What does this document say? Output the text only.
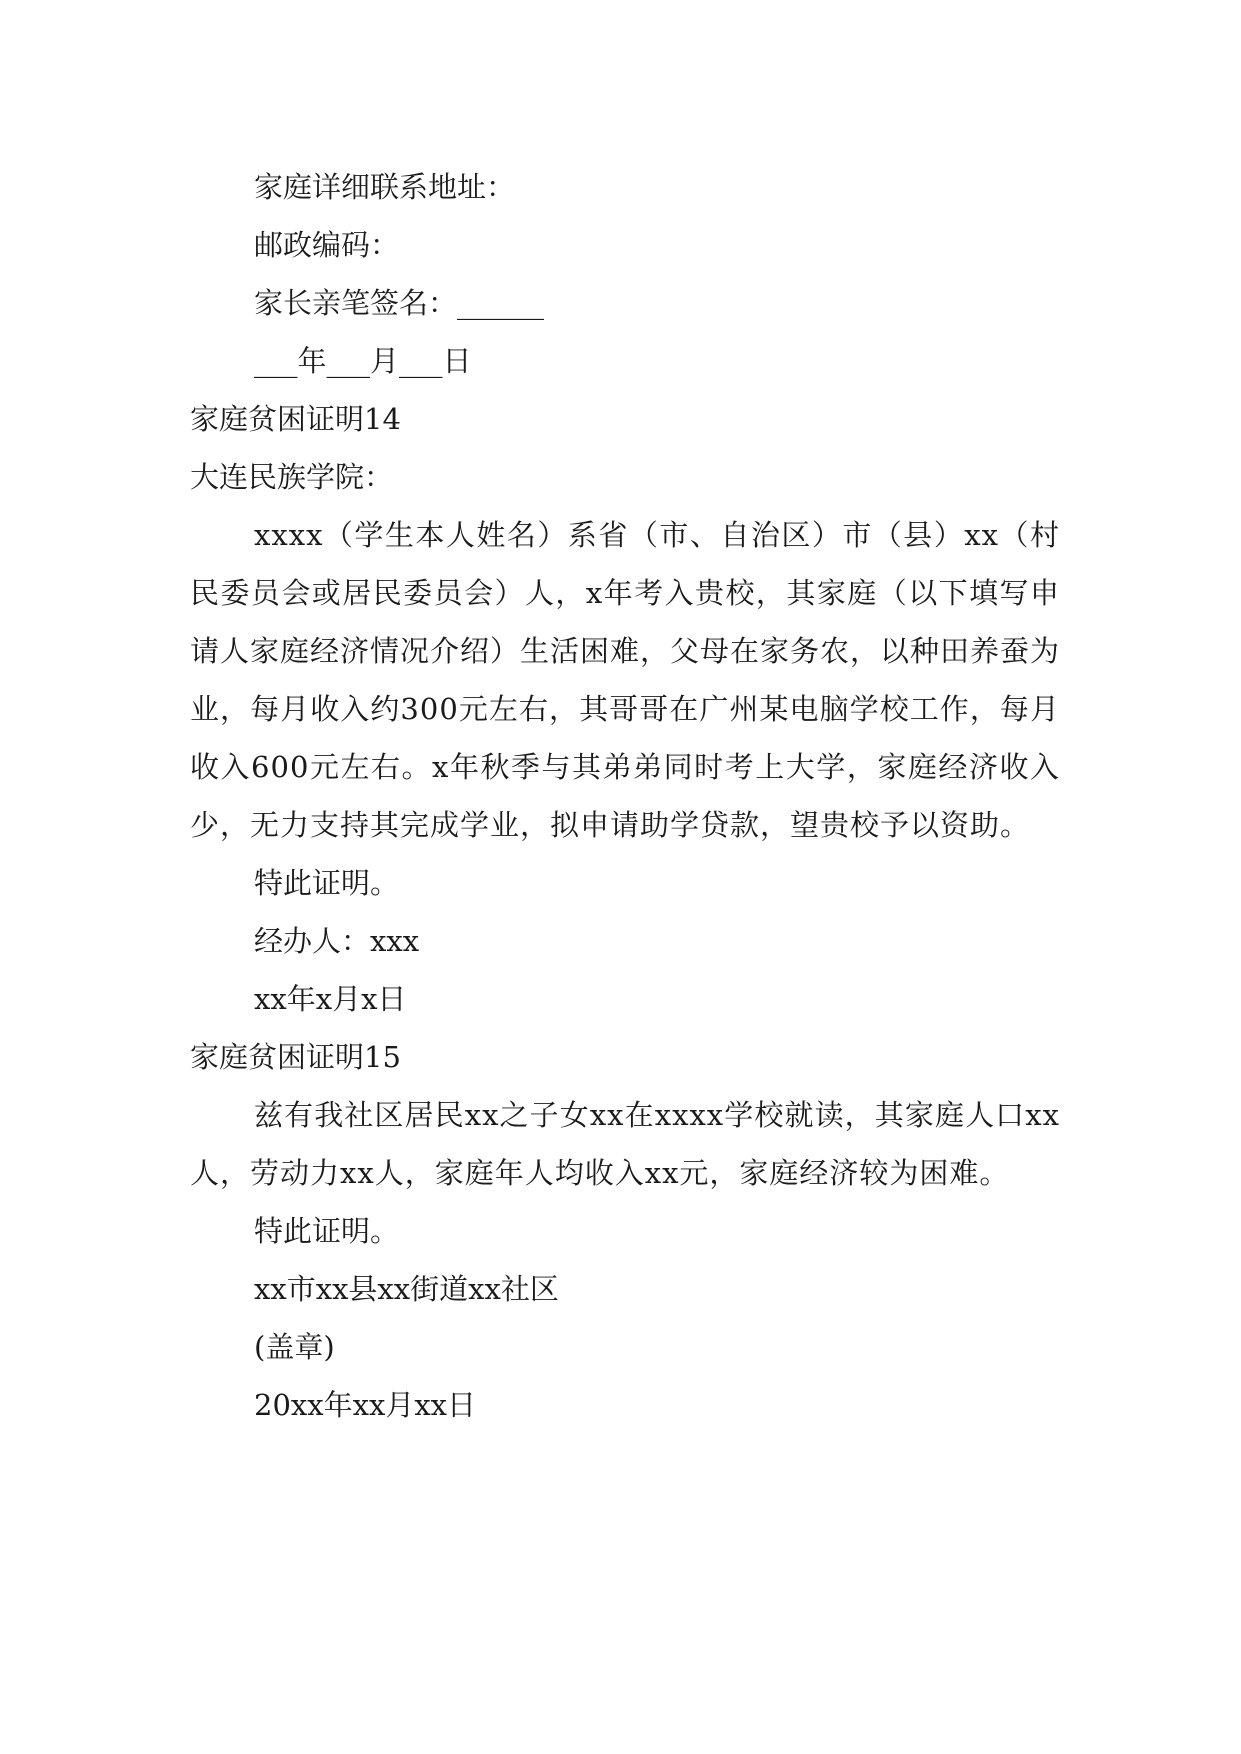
家庭详细联系地址：

邮政编码：

家长亲笔签名：______

___年___月___日

家庭贫困证明14

大连民族学院：

xxxx（学生本人姓名）系省（市、自治区）市（县）xx（村民委员会或居民委员会）人，x年考入贵校，其家庭（以下填写申请人家庭经济情况介绍）生活困难，父母在家务农，以种田养蚕为业，每月收入约300元左右，其哥哥在广州某电脑学校工作，每月收入600元左右。x年秋季与其弟弟同时考上大学，家庭经济收入少，无力支持其完成学业，拟申请助学贷款，望贵校予以资助。

特此证明。

经办人：xxx

xx年x月x日

家庭贫困证明15

兹有我社区居民xx之子女xx在xxxx学校就读，其家庭人口xx人，劳动力xx人，家庭年人均收入xx元，家庭经济较为困难。

特此证明。

xx市xx县xx街道xx社区

(盖章)

20xx年xx月xx日
